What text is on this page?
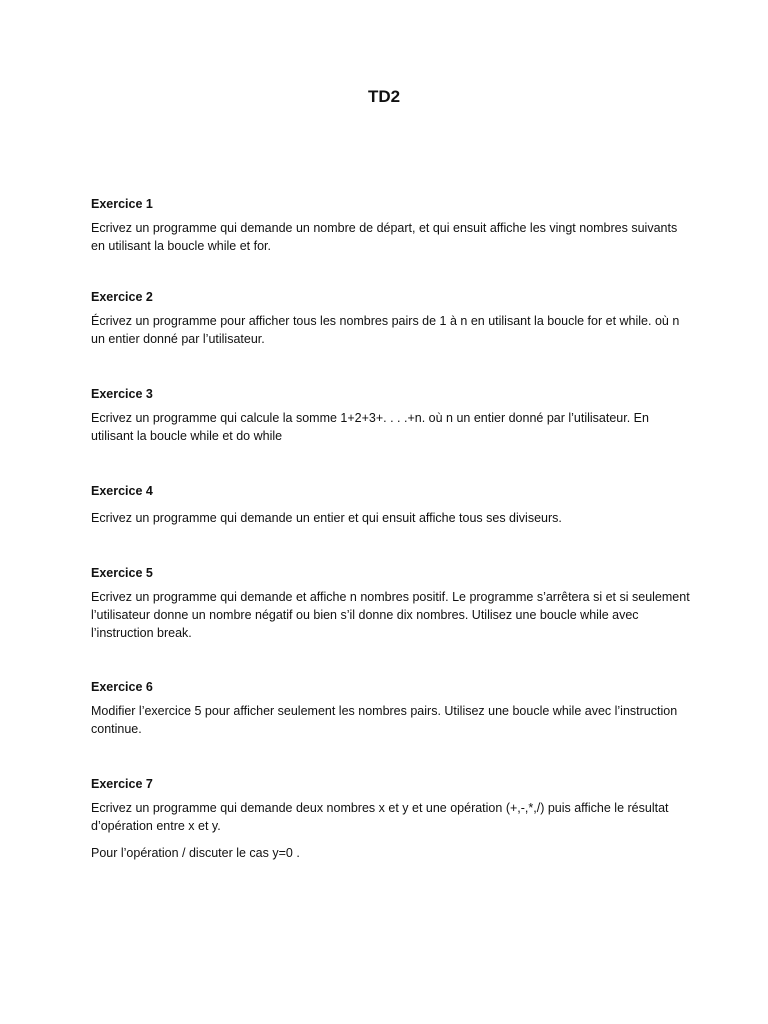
TD2

Exercice 1

Ecrivez un programme qui demande un nombre de départ, et qui ensuit affiche les vingt nombres suivants en utilisant la boucle while et for.

Exercice 2

Écrivez un programme pour afficher tous les nombres pairs de 1 à n en utilisant la boucle for et while. où n un entier donné par l’utilisateur.

Exercice 3

Ecrivez un programme qui calcule la somme 1+2+3+. . . .+n. où n un entier donné par l’utilisateur. En utilisant la boucle while et do while

Exercice 4

Ecrivez un programme qui demande un entier et qui ensuit affiche tous ses diviseurs.

Exercice 5

Ecrivez un programme qui demande et affiche n nombres positif. Le programme s’arrêtera si et si seulement l’utilisateur donne un nombre négatif ou bien s’il donne dix nombres. Utilisez une boucle while avec l’instruction break.

Exercice 6

Modifier l’exercice 5 pour afficher seulement les nombres pairs. Utilisez une boucle while avec l’instruction continue.

Exercice 7

Ecrivez un programme qui demande deux nombres x et y et une opération (+,-,*,/) puis affiche le résultat d’opération entre x et y.

Pour l’opération / discuter le cas y=0 .
